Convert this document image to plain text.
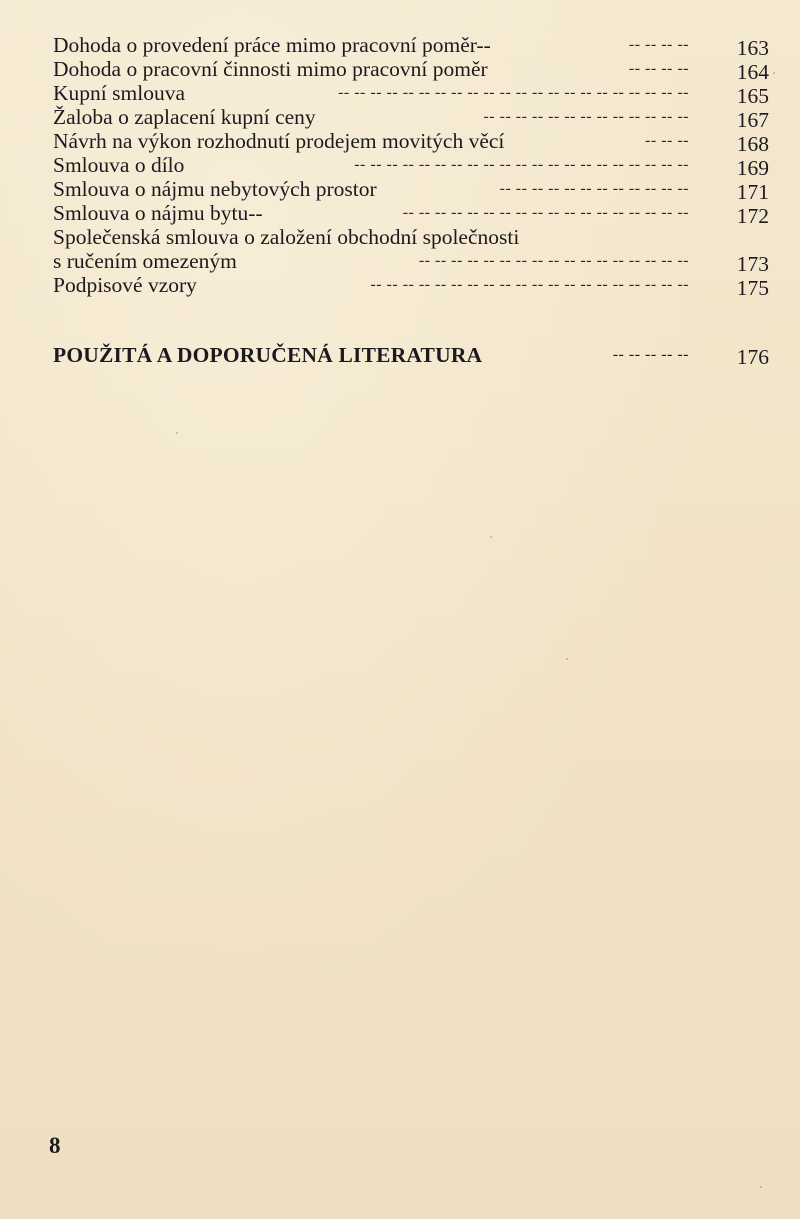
Dohoda o provedení práce mimo pracovní poměr--	-- -- -- -- 163
Dohoda o pracovní činnosti mimo pracovní poměr	-- -- -- -- 164
Kupní smlouva	-- -- -- -- -- -- -- -- -- -- -- -- -- -- -- -- -- -- -- -- -- -- 165
Žaloba o zaplacení kupní ceny	-- -- -- -- -- -- -- -- -- -- -- -- -- 167
Návrh na výkon rozhodnutí prodejem movitých věcí	-- -- -- 168
Smlouva o dílo	-- -- -- -- -- -- -- -- -- -- -- -- -- -- -- -- -- -- -- -- -- 169
Smlouva o nájmu nebytových prostor	-- -- -- -- -- -- -- -- -- -- -- -- 171
Smlouva o nájmu bytu--	-- -- -- -- -- -- -- -- -- -- -- -- -- -- -- -- -- -- 172
Společenská smlouva o založení obchodní společnosti
s ručením omezeným	-- -- -- -- -- -- -- -- -- -- -- -- -- -- -- -- -- 173
Podpisové vzory	-- -- -- -- -- -- -- -- -- -- -- -- -- -- -- -- -- -- -- -- 175
POUŽITÁ A DOPORUČENÁ LITERATURA	-- -- -- -- -- 176
8
